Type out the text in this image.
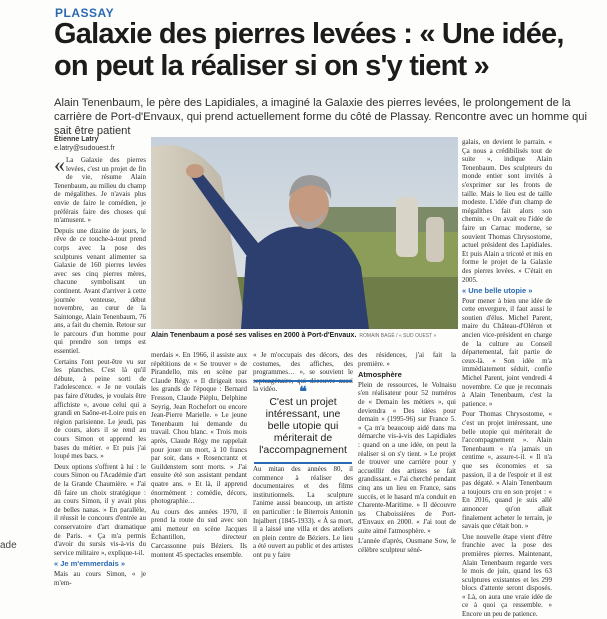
PLASSAY
Galaxie des pierres levées : « Une idée,
on peut la réaliser si on s'y tient »
Alain Tenenbaum, le père des Lapidiales, a imaginé la Galaxie des pierres levées, le prolongement de la carrière de Port-d'Envaux, qui prend actuellement forme du côté de Plassay. Rencontre avec un homme qui sait être patient
Étienne Latry
e.latry@sudouest.fr

« La Galaxie des pierres levées, c'est un projet de fin de vie, résume Alain Tenenbaum, au milieu du champ de mégalithes. Je n'avais plus envie de faire le comédien, je préférais faire des choses qui m'amusent. »

Depuis une dizaine de jours, le rêve de ce touche-à-tout prend corps avec la pose des sculptures venant alimenter sa Galaxie de 160 pierres levées avec ses cinq pierres mères, chacune symbolisant un continent. Avant d'arriver à cette journée venteuse, début novembre, au cœur de la Saintonge, Alain Tenenbaum, 76 ans, a fait du chemin. Retour sur le parcours d'un homme pour qui prendre son temps est essentiel.

Certains l'ont peut-être vu sur les planches. C'est là qu'il débute, à peine sorti de l'adolescence. « Je ne voulais pas faire d'études, je voulais être affichiste », avoue celui qui a grandi en Saône-et-Loire puis en région parisienne. Le jeudi, pas de cours, alors il se rend au cours Simon et apprend les bases du métier. « Et puis j'ai loupé mes bacs. »

Deux options s'offrent à lui : le cours Simon ou l'Académie d'art de la Grande Chaumière. « J'ai dû faire un choix stratégique : au cours Simon, il y avait plus de belles nanas. » En parallèle, il réussit le concours d'entrée au conservatoire d'art dramatique de Paris. « Ça m'a permis d'avoir du sursis vis-à-vis du service militaire », explique-t-il.

« Je m'emmerdais »

Mais au cours Simon, « je m'em-

Alain Tenenbaum a posé ses valises en 2000 à Port-d'Envaux. ROMAIN BAGÉ / « SUD OUEST »

galais, en devient le parrain. « Ça nous a crédibilisés tout de suite », indique Alain Tenenbaum. Des sculpteurs du monde entier sont invités à s'exprimer sur les fronts de taille. Mais le lieu est de taille modeste. L'idée d'un champ de mégalithes fait alors son chemin. « On avait eu l'idée de faire un Carnac moderne, se souvient Thomas Chrysostome, actuel président des Lapidiales. Et puis Alain a tricoté et mis en forme le projet de la Galaxie des pierres levées. » C'était en 2005.

« Une belle utopie »

Pour mener à bien une idée de cette envergure, il faut aussi le soutien d'élus. Michel Parent, maire du Château-d'Oléron et ancien vice-président en charge de la culture au Conseil départemental, fait partie de ceux-là. « Son idée m'a immédiatement séduit, confie Michel Parent, joint vendredi 4 novembre. Ce que je reconnais à Alain Tenenbaum, c'est la patience. »

Pour Thomas Chrysostome, « c'est un projet intéressant, une belle utopie qui mériterait de l'accompagnement ». Alain Tenenbaum « n'a jamais un centime », assure-t-il. « Il n'a que ses économies et sa passion, il a de l'espoir et il est pas dégaté. » Alain Tenenbaum a toujours cru en son projet : « En 2016, quand je suis allé annoncer qu'on allait finalement acheter le terrain, je savais que c'était bon. »

Une nouvelle étape vient d'être franchie avec la pose des premières pierres. Maintenant, Alain Tenenbaum regarde vers le mois de juin, quand les 63 sculptures existantes et les 299 blocs d'attente seront disposés. « Là, on aura une vraie idée de ce à quoi ça ressemble. » Encore un peu de patience.

merdais ». En 1966, il assiste aux répétitions de « Se trouver » de Pirandello, mis en scène par Claude Régy. « Il dirigeait tous les grands de l'époque : Bernard Fresson, Claude Piéplu, Delphine Seyrig, Jean Rochefort ou encore Jean-Pierre Marielle. » Le jeune Tenenbaum lui demande du travail. Chou blanc. « Trois mois après, Claude Régy me rappelait pour jouer un mort, à 10 francs par soir, dans « Rosencrantz et Guildenstern sont morts. » J'ai ensuite été son assistant pendant quatre ans. » Et là, il apprend énormément : comédie, décors, photographie…

Au cours des années 1970, il prend la route du sud avec son ami metteur en scène Jacques Échantillon, directeur Carcassonne puis Béziers. Ils montent 45 spectacles ensemble.

« Je m'occupais des décors, des costumes, des affiches, des programmes… », se souvient le septuagénaire, qui découvre aussi la vidéo.	❝
C'est un projet intéressant, une belle utopie qui mériterait de l'accompagnement

Au mitan des années 80, il commence à réaliser des documentaires et des films institutionnels. La sculpture l'anime aussi beaucoup, un artiste en particulier : le Biterrois Antonin Injalbert (1845-1933). « À sa mort, il a laissé une villa et des ateliers en plein centre de Béziers. Le lieu a été ouvert au public et des artistes ont pu y faire

des résidences, j'ai fait la première. »

Atmosphère

Plein de ressources, le Volnaisu s'en réalisateur pour 52 numéros de « Demain les métiers », qui deviendra « Des idées pour demain » (1995-96) sur France 5. « Ça m'a beaucoup aidé dans ma démarche vis-à-vis des Lapidiales : quand on a une idée, on peut la réaliser si on s'y tient. » Le projet de trouver une carrière pour y accueillir des artistes se fait grandissant. « J'ai cherché pendant cinq ans un lieu en France, sans succès, et le hasard m'a conduit en Charente-Maritime. » Il découvre les Chaboissières de Port-d'Envaux en 2000. « J'ai tout de suite aimé l'atmosphère. »

L'année d'après, Ousmane Sow, le célèbre sculpteur séné-

ade
